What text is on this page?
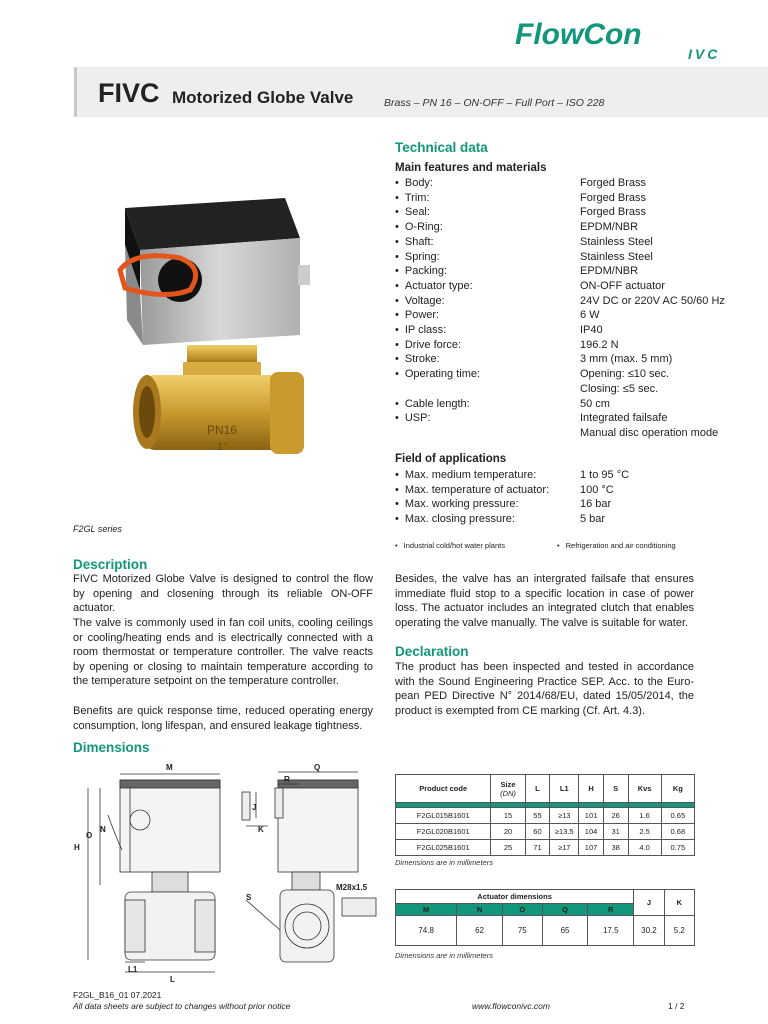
FlowCon
IVC
FIVC Motorized Globe Valve	Brass – PN 16 – ON-OFF – Full Port – ISO 228
PN16
1"
F2GL series
Technical data
Main features and materials
• Body:	Forged Brass
• Trim:	Forged Brass
• Seal:	Forged Brass
• O-Ring:	EPDM/NBR
• Shaft:	Stainless Steel
• Spring:	Stainless Steel
• Packing:	EPDM/NBR
• Actuator type:	ON-OFF actuator
• Voltage:	24V DC or 220V AC 50/60 Hz
• Power:	6 W
• IP class:	IP40
• Drive force:	196.2 N
• Stroke:	3 mm (max. 5 mm)
• Operating time:	Opening: ≤10 sec.
Closing: ≤5 sec.
• Cable length:	50 cm
• USP:	Integrated failsafe
Manual disc operation mode
Field of applications
• Max. medium temperature:	1 to 95 °C
• Max. temperature of actuator:	100 °C
• Max. working pressure:	16 bar
• Max. closing pressure:	5 bar
• Industrial cold/hot water plants	• Refrigeration and air conditioning
Description
FIVC Motorized Globe Valve is designed to control the flow by opening and closening through its reliable ON-OFF actuator.
The valve is commonly used in fan coil units, cooling ceilings or cooling/heating ends and is electrically connected with a room thermostat or temperature controller. The valve reacts by opening or closing to maintain temperature according to the temperature setpoint on the temperature controller.
Benefits are quick response time, reduced operating energy consumption, long lifespan, and ensured leakage tightness.
Besides, the valve has an intergrated failsafe that ensures immediate fluid stop to a specific location in case of power loss. The actuator includes an integrated clutch that enables operating the valve manually. The valve is suitable for water.
Declaration
The product has been inspected and tested in accordance with the Sound Engineering Practice SEP. Acc. to the Euro-pean PED Directive N° 2014/68/EU, dated 15/05/2014, the product is exempted from CE marking (Cf. Art. 4.3).
Dimensions
M
N
O
H
L1
L
R
Q
J
K
S
M28x1.5
Product code	Size
(DN)	L	L1	H	S	Kvs	Kg

F2GL015B1601	15	55	≥13	101	26	1.6	0.65
F2GL020B1601	20	60	≥13.5	104	31	2.5	0.68
F2GL025B1601	25	71	≥17	107	38	4.0	0.75
Dimensions are in millimeters
Actuator dimensions					J	K
M	N	O	Q	R		
74.8	62	75	65	17.5	30.2	5.2
Dimensions are in millimeters
F2GL_B16_01 07.2021
All data sheets are subject to changes without prior notice	www.flowconivc.com	1 / 2
